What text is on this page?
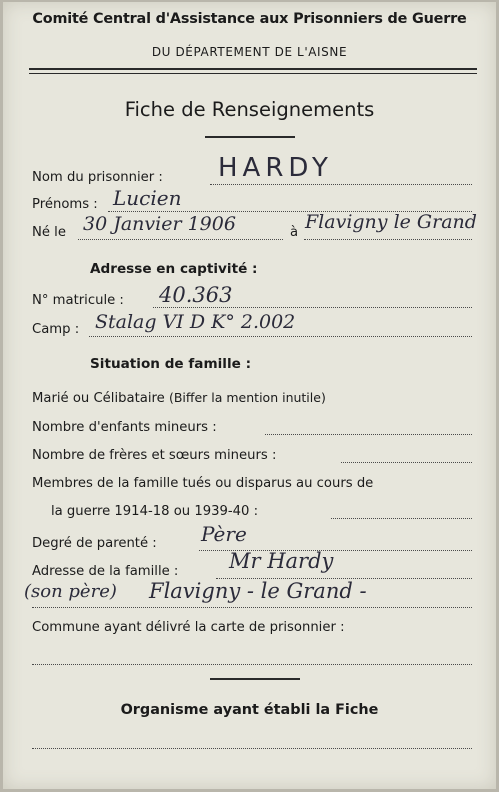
Comité Central d'Assistance aux Prisonniers de Guerre
DU DÉPARTEMENT DE L'AISNE
Fiche de Renseignements
Nom du prisonnier : HARDY
Prénoms : Lucien
Né le 30 Janvier 1906	à Flavigny le Grand
Adresse en captivité :
N° matricule : 40.363
Camp : Stalag VI D K° 2.002
Situation de famille :
Marié ou Célibataire (Biffer la mention inutile)
Nombre d'enfants mineurs :
Nombre de frères et sœurs mineurs :
Membres de la famille tués ou disparus au cours de
la guerre 1914-18 ou 1939-40 :
Degré de parenté : Père
Adresse de la famille : Mr Hardy
(son père) Flavigny - le Grand -
Commune ayant délivré la carte de prisonnier :
Organisme ayant établi la Fiche
